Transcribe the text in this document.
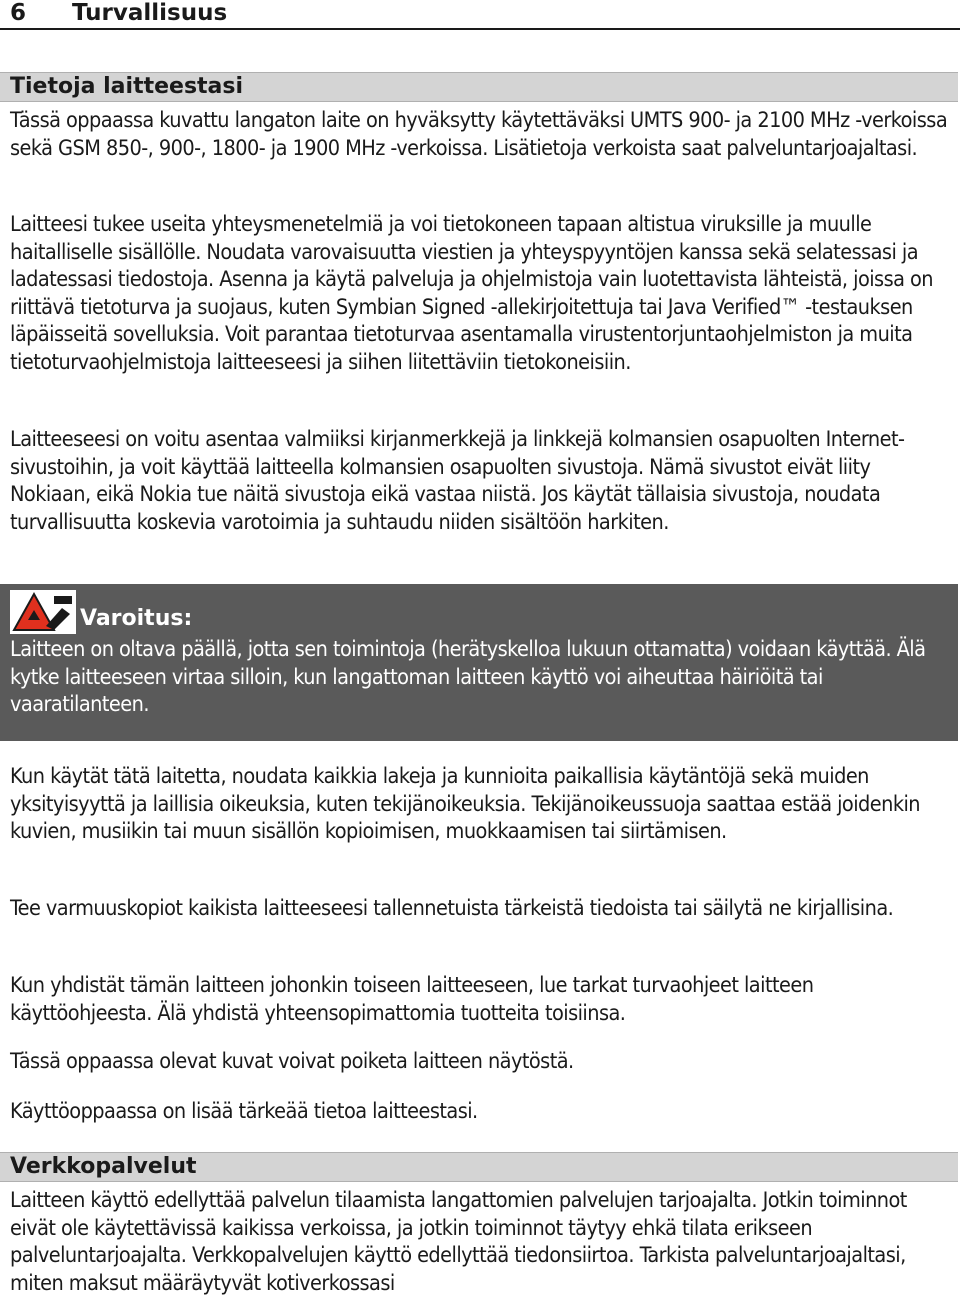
6 Turvallisuus
Tietoja laitteestasi

Tässä oppaassa kuvattu langaton laite on hyväksytty käytettäväksi UMTS 900- ja 2100 MHz -verkoissa sekä GSM 850-, 900-, 1800- ja 1900 MHz -verkoissa. Lisätietoja verkoista saat palveluntarjoajaltasi.

Laitteesi tukee useita yhteysmenetelmiä ja voi tietokoneen tapaan altistua viruksille ja muulle haitalliselle sisällölle. Noudata varovaisuutta viestien ja yhteyspyyntöjen kanssa sekä selatessasi ja ladatessasi tiedostoja. Asenna ja käytä palveluja ja ohjelmistoja vain luotettavista lähteistä, joissa on riittävä tietoturva ja suojaus, kuten Symbian Signed -allekirjoitettuja tai Java Verified™ -testauksen läpäisseitä sovelluksia. Voit parantaa tietoturvaa asentamalla virustentorjuntaohjelmiston ja muita tietoturvaohjelmistoja laitteeseesi ja siihen liitettäviin tietokoneisiin.

Laitteeseesi on voitu asentaa valmiiksi kirjanmerkkejä ja linkkejä kolmansien osapuolten Internet-sivustoihin, ja voit käyttää laitteella kolmansien osapuolten sivustoja. Nämä sivustot eivät liity Nokiaan, eikä Nokia tue näitä sivustoja eikä vastaa niistä. Jos käytät tällaisia sivustoja, noudata turvallisuutta koskevia varotoimia ja suhtaudu niiden sisältöön harkiten.

Varoitus:

Laitteen on oltava päällä, jotta sen toimintoja (herätyskelloa lukuun ottamatta) voidaan käyttää. Älä kytke laitteeseen virtaa silloin, kun langattoman laitteen käyttö voi aiheuttaa häiriöitä tai vaaratilanteen.

Kun käytät tätä laitetta, noudata kaikkia lakeja ja kunnioita paikallisia käytäntöjä sekä muiden yksityisyyttä ja laillisia oikeuksia, kuten tekijänoikeuksia. Tekijänoikeussuoja saattaa estää joidenkin kuvien, musiikin tai muun sisällön kopioimisen, muokkaamisen tai siirtämisen.

Tee varmuuskopiot kaikista laitteeseesi tallennetuista tärkeistä tiedoista tai säilytä ne kirjallisina.

Kun yhdistät tämän laitteen johonkin toiseen laitteeseen, lue tarkat turvaohjeet laitteen käyttöohjeesta. Älä yhdistä yhteensopimattomia tuotteita toisiinsa.

Tässä oppaassa olevat kuvat voivat poiketa laitteen näytöstä.

Käyttöoppaassa on lisää tärkeää tietoa laitteestasi.

Verkkopalvelut

Laitteen käyttö edellyttää palvelun tilaamista langattomien palvelujen tarjoajalta. Jotkin toiminnot eivät ole käytettävissä kaikissa verkoissa, ja jotkin toiminnot täytyy ehkä tilata erikseen palveluntarjoajalta. Verkkopalvelujen käyttö edellyttää tiedonsiirtoa. Tarkista palveluntarjoajaltasi, miten maksut määräytyvät kotiverkossasi
